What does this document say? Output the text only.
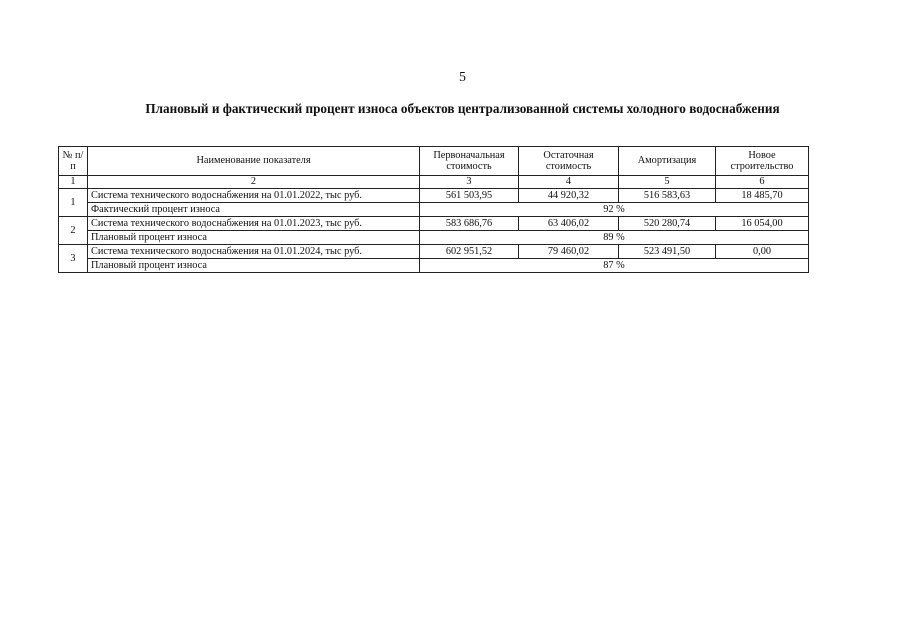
5
Плановый и фактический процент износа объектов централизованной системы холодного водоснабжения
№ п/п	Наименование показателя	Первоначальная стоимость	Остаточная стоимость	Амортизация	Новое строительство

1	2	3	4	5	6
1	Система технического водоснабжения на 01.01.2022, тыс руб.	561 503,95	44 920,32	516 583,63	18 485,70
	Фактический процент износа	92 %			
2	Система технического водоснабжения на 01.01.2023, тыс руб.	583 686,76	63 406,02	520 280,74	16 054,00
	Плановый процент износа	89 %			
3	Система технического водоснабжения на 01.01.2024, тыс руб.	602 951,52	79 460,02	523 491,50	0,00
	Плановый процент износа	87 %			
